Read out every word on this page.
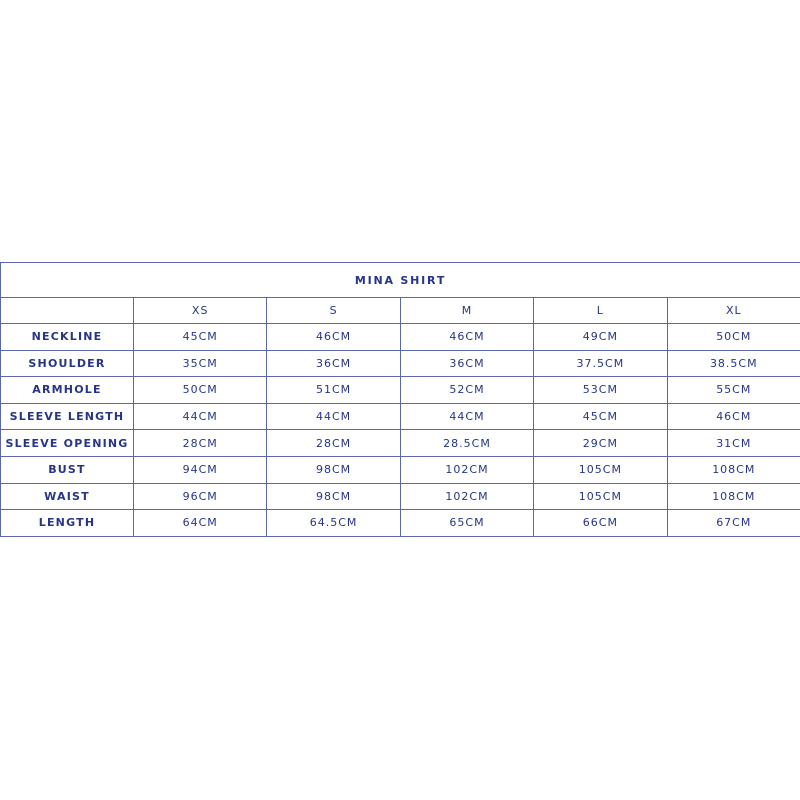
MINA SHIRT					
	XS	S	M	L	XL
NECKLINE	45CM	46CM	46CM	49CM	50CM
SHOULDER	35CM	36CM	36CM	37.5CM	38.5CM
ARMHOLE	50CM	51CM	52CM	53CM	55CM
SLEEVE LENGTH	44CM	44CM	44CM	45CM	46CM
SLEEVE OPENING	28CM	28CM	28.5CM	29CM	31CM
BUST	94CM	98CM	102CM	105CM	108CM
WAIST	96CM	98CM	102CM	105CM	108CM
LENGTH	64CM	64.5CM	65CM	66CM	67CM
